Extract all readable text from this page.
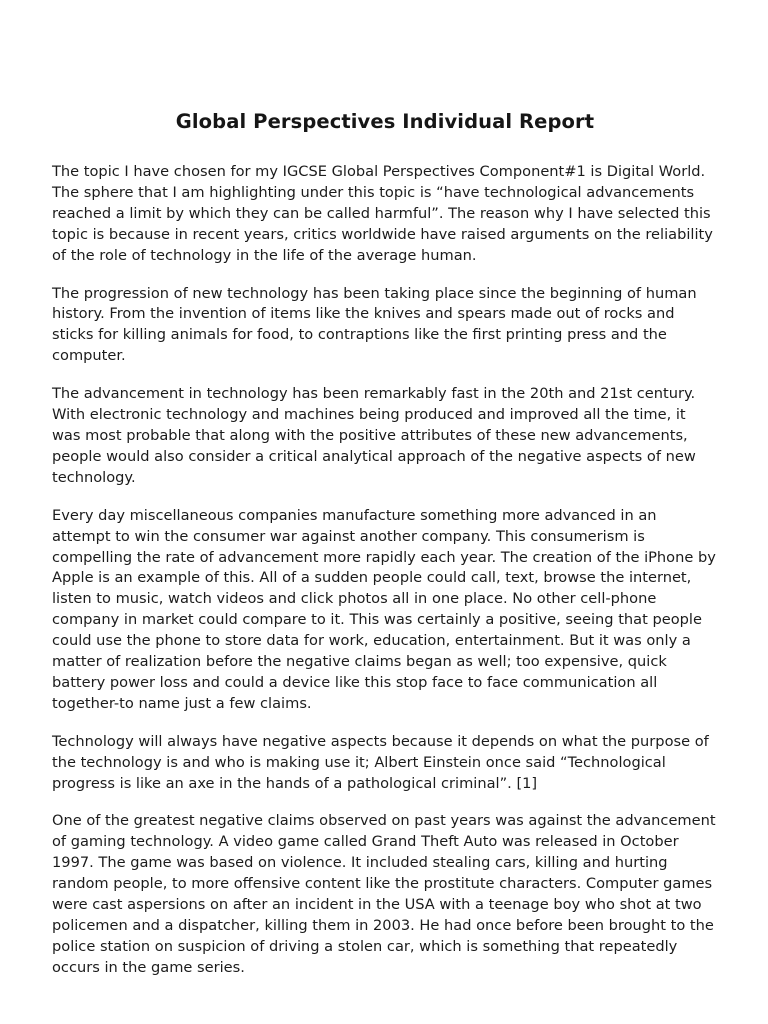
Global Perspectives Individual Report

The topic I have chosen for my IGCSE Global Perspectives Component#1 is Digital World. The sphere that I am highlighting under this topic is “have technological advancements reached a limit by which they can be called harmful”. The reason why I have selected this topic is because in recent years, critics worldwide have raised arguments on the reliability of the role of technology in the life of the average human.

The progression of new technology has been taking place since the beginning of human history. From the invention of items like the knives and spears made out of rocks and sticks for killing animals for food, to contraptions like the first printing press and the computer.

The advancement in technology has been remarkably fast in the 20th and 21st century. With electronic technology and machines being produced and improved all the time, it was most probable that along with the positive attributes of these new advancements, people would also consider a critical analytical approach of the negative aspects of new technology.

Every day miscellaneous companies manufacture something more advanced in an attempt to win the consumer war against another company. This consumerism is compelling the rate of advancement more rapidly each year. The creation of the iPhone by Apple is an example of this. All of a sudden people could call, text, browse the internet, listen to music, watch videos and click photos all in one place. No other cell-phone company in market could compare to it. This was certainly a positive, seeing that people could use the phone to store data for work, education, entertainment. But it was only a matter of realization before the negative claims began as well; too expensive, quick battery power loss and could a device like this stop face to face communication all together-to name just a few claims.

Technology will always have negative aspects because it depends on what the purpose of the technology is and who is making use it; Albert Einstein once said “Technological progress is like an axe in the hands of a pathological criminal”. [1]

One of the greatest negative claims observed on past years was against the advancement of gaming technology. A video game called Grand Theft Auto was released in October 1997. The game was based on violence. It included stealing cars, killing and hurting random people, to more offensive content like the prostitute characters. Computer games were cast aspersions on after an incident in the USA with a teenage boy who shot at two policemen and a dispatcher, killing them in 2003. He had once before been brought to the police station on suspicion of driving a stolen car, which is something that repeatedly occurs in the game series.
